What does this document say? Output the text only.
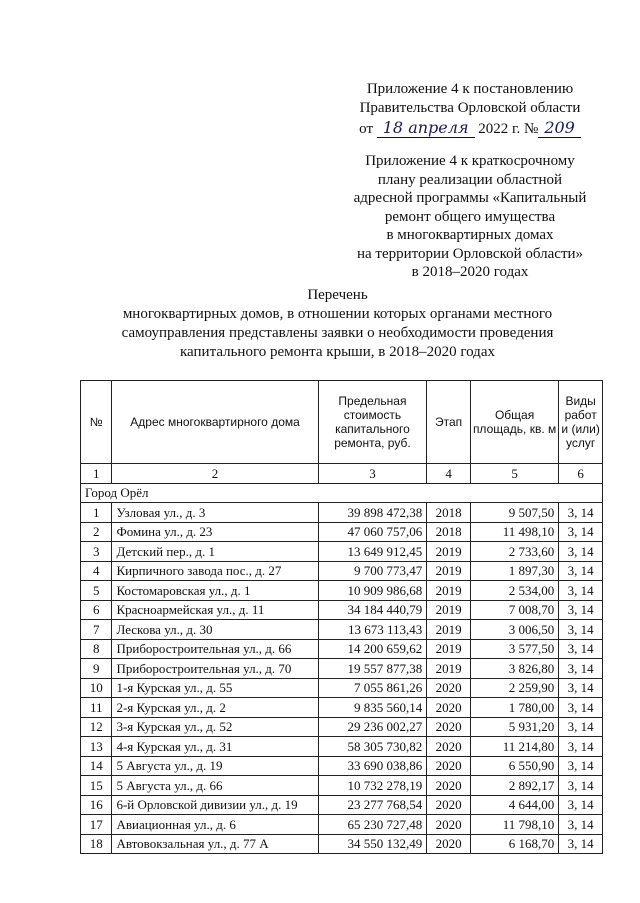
Приложение 4 к постановлению
Правительства Орловской области
от 18 апреля 2022 г. № 209
Приложение 4 к краткосрочному
плану реализации областной
адресной программы «Капитальный
ремонт общего имущества
в многоквартирных домах
на территории Орловской области»
в 2018–2020 годах
Перечень
многоквартирных домов, в отношении которых органами местного
самоуправления представлены заявки о необходимости проведения
капитального ремонта крыши, в 2018–2020 годах
№	Адрес многоквартирного дома	Предельная стоимость капитального ремонта, руб.	Этап	Общая площадь, кв. м	Виды работ и (или) услуг
1	2	3	4	5	6
Город Орёл					
1	Узловая ул., д. 3	39 898 472,38	2018	9 507,50	3, 14
2	Фомина ул., д. 23	47 060 757,06	2018	11 498,10	3, 14
3	Детский пер., д. 1	13 649 912,45	2019	2 733,60	3, 14
4	Кирпичного завода пос., д. 27	9 700 773,47	2019	1 897,30	3, 14
5	Костомаровская ул., д. 1	10 909 986,68	2019	2 534,00	3, 14
6	Красноармейская ул., д. 11	34 184 440,79	2019	7 008,70	3, 14
7	Лескова ул., д. 30	13 673 113,43	2019	3 006,50	3, 14
8	Приборостроительная ул., д. 66	14 200 659,62	2019	3 577,50	3, 14
9	Приборостроительная ул., д. 70	19 557 877,38	2019	3 826,80	3, 14
10	1-я Курская ул., д. 55	7 055 861,26	2020	2 259,90	3, 14
11	2-я Курская ул., д. 2	9 835 560,14	2020	1 780,00	3, 14
12	3-я Курская ул., д. 52	29 236 002,27	2020	5 931,20	3, 14
13	4-я Курская ул., д. 31	58 305 730,82	2020	11 214,80	3, 14
14	5 Августа ул., д. 19	33 690 038,86	2020	6 550,90	3, 14
15	5 Августа ул., д. 66	10 732 278,19	2020	2 892,17	3, 14
16	6-й Орловской дивизии ул., д. 19	23 277 768,54	2020	4 644,00	3, 14
17	Авиационная ул., д. 6	65 230 727,48	2020	11 798,10	3, 14
18	Автовокзальная ул., д. 77 А	34 550 132,49	2020	6 168,70	3, 14
